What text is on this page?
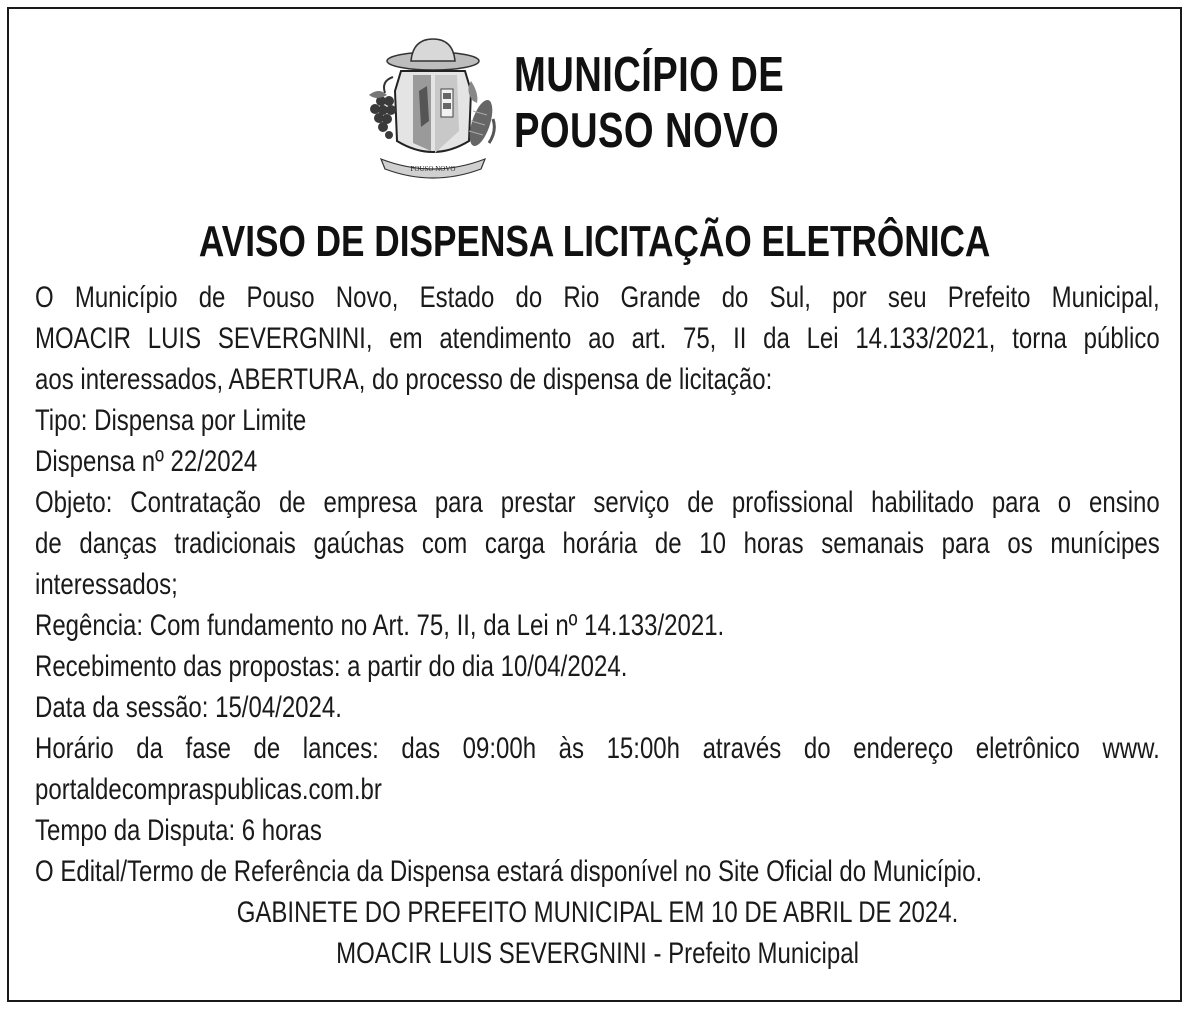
POUSO NOVO
MUNICÍPIO DE
POUSO NOVO
AVISO DE DISPENSA LICITAÇÃO ELETRÔNICA
O Município de Pouso Novo, Estado do Rio Grande do Sul, por seu Prefeito Municipal,
MOACIR LUIS SEVERGNINI, em atendimento ao art. 75, II da Lei 14.133/2021, torna público
aos interessados, ABERTURA, do processo de dispensa de licitação:
Tipo: Dispensa por Limite
Dispensa nº 22/2024
Objeto: Contratação de empresa para prestar serviço de profissional habilitado para o ensino
de danças tradicionais gaúchas com carga horária de 10 horas semanais para os munícipes
interessados;
Regência: Com fundamento no Art. 75, II, da Lei nº 14.133/2021.
Recebimento das propostas: a partir do dia 10/04/2024.
Data da sessão: 15/04/2024.
Horário da fase de lances: das 09:00h às 15:00h através do endereço eletrônico www.
portaldecompraspublicas.com.br
Tempo da Disputa: 6 horas
O Edital/Termo de Referência da Dispensa estará disponível no Site Oficial do Município.
GABINETE DO PREFEITO MUNICIPAL EM 10 DE ABRIL DE 2024.
MOACIR LUIS SEVERGNINI - Prefeito Municipal
